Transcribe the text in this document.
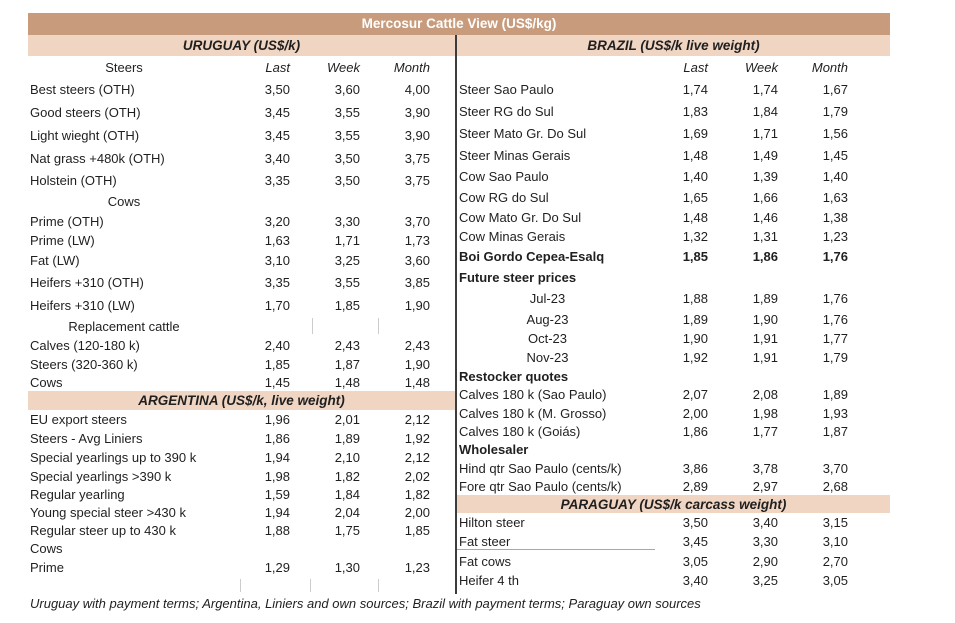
Mercosur Cattle View (US$/kg)
URUGUAY (US$/k)
Steers	Last	Week	Month
Best steers (OTH)	3,50	3,60	4,00
Good steers (OTH)	3,45	3,55	3,90
Light wieght (OTH)	3,45	3,55	3,90
Nat grass +480k (OTH)	3,40	3,50	3,75
Holstein (OTH)	3,35	3,50	3,75
Cows
Prime (OTH)	3,20	3,30	3,70
Prime (LW)	1,63	1,71	1,73
Fat (LW)	3,10	3,25	3,60
Heifers +310 (OTH)	3,35	3,55	3,85
Heifers +310 (LW)	1,70	1,85	1,90
Replacement cattle
Calves (120-180 k)	2,40	2,43	2,43
Steers (320-360 k)	1,85	1,87	1,90
Cows	1,45	1,48	1,48
ARGENTINA (US$/k, live weight)
EU export steers	1,96	2,01	2,12
Steers - Avg Liniers	1,86	1,89	1,92
Special yearlings up to 390 k	1,94	2,10	2,12
Special yearlings >390 k	1,98	1,82	2,02
Regular yearling	1,59	1,84	1,82
Young special steer >430 k	1,94	2,04	2,00
Regular steer up to 430 k	1,88	1,75	1,85
Cows
Prime	1,29	1,30	1,23
BRAZIL (US$/k live weight)
Last	Week	Month
Steer Sao Paulo	1,74	1,74	1,67
Steer RG do Sul	1,83	1,84	1,79
Steer Mato Gr. Do Sul	1,69	1,71	1,56
Steer Minas Gerais	1,48	1,49	1,45
Cow Sao Paulo	1,40	1,39	1,40
Cow RG do Sul	1,65	1,66	1,63
Cow Mato Gr. Do Sul	1,48	1,46	1,38
Cow Minas Gerais	1,32	1,31	1,23
Boi Gordo Cepea-Esalq	1,85	1,86	1,76
Future steer prices
Jul-23	1,88	1,89	1,76
Aug-23	1,89	1,90	1,76
Oct-23	1,90	1,91	1,77
Nov-23	1,92	1,91	1,79
Restocker quotes
Calves 180 k (Sao Paulo)	2,07	2,08	1,89
Calves 180 k (M. Grosso)	2,00	1,98	1,93
Calves 180 k (Goiás)	1,86	1,77	1,87
Wholesaler
Hind qtr Sao Paulo (cents/k)	3,86	3,78	3,70
Fore qtr Sao Paulo (cents/k)	2,89	2,97	2,68
PARAGUAY (US$/k carcass weight)
Hilton steer	3,50	3,40	3,15
Fat steer	3,45	3,30	3,10
Fat cows	3,05	2,90	2,70
Heifer 4 th	3,40	3,25	3,05
Uruguay with payment terms; Argentina, Liniers and own sources; Brazil with payment terms; Paraguay own sources
